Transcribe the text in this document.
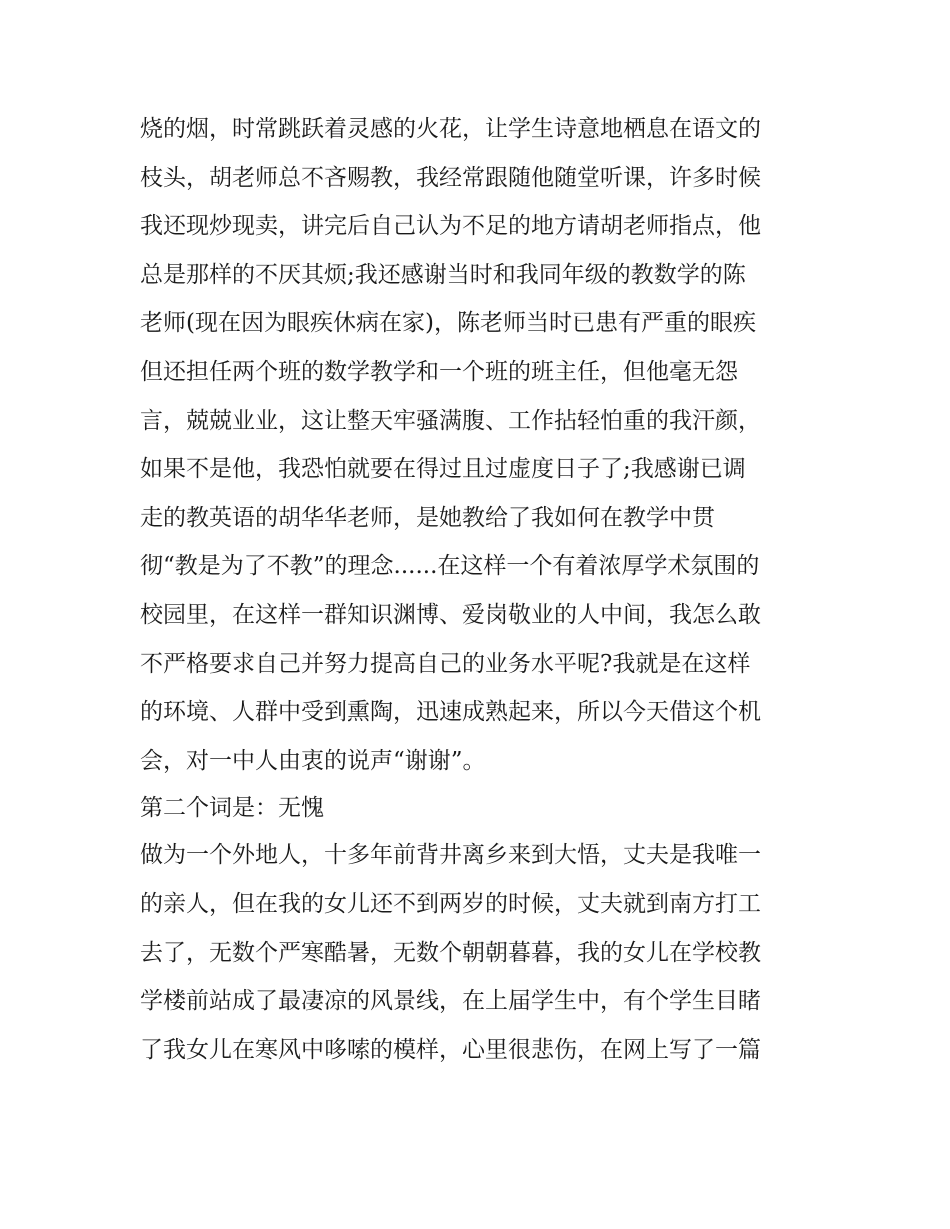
烧的烟，时常跳跃着灵感的火花，让学生诗意地栖息在语文的
枝头，胡老师总不吝赐教，我经常跟随他随堂听课，许多时候
我还现炒现卖，讲完后自己认为不足的地方请胡老师指点，他
总是那样的不厌其烦;我还感谢当时和我同年级的教数学的陈
老师(现在因为眼疾休病在家)，陈老师当时已患有严重的眼疾
但还担任两个班的数学教学和一个班的班主任，但他毫无怨
言，兢兢业业，这让整天牢骚满腹、工作拈轻怕重的我汗颜，
如果不是他，我恐怕就要在得过且过虚度日子了;我感谢已调
走的教英语的胡华华老师，是她教给了我如何在教学中贯
彻“教是为了不教”的理念......在这样一个有着浓厚学术氛围的
校园里，在这样一群知识渊博、爱岗敬业的人中间，我怎么敢
不严格要求自己并努力提高自己的业务水平呢?我就是在这样
的环境、人群中受到熏陶，迅速成熟起来，所以今天借这个机
会，对一中人由衷的说声“谢谢”。
第二个词是：无愧
做为一个外地人，十多年前背井离乡来到大悟，丈夫是我唯一
的亲人，但在我的女儿还不到两岁的时候，丈夫就到南方打工
去了，无数个严寒酷暑，无数个朝朝暮暮，我的女儿在学校教
学楼前站成了最凄凉的风景线，在上届学生中，有个学生目睹
了我女儿在寒风中哆嗦的模样，心里很悲伤，在网上写了一篇
